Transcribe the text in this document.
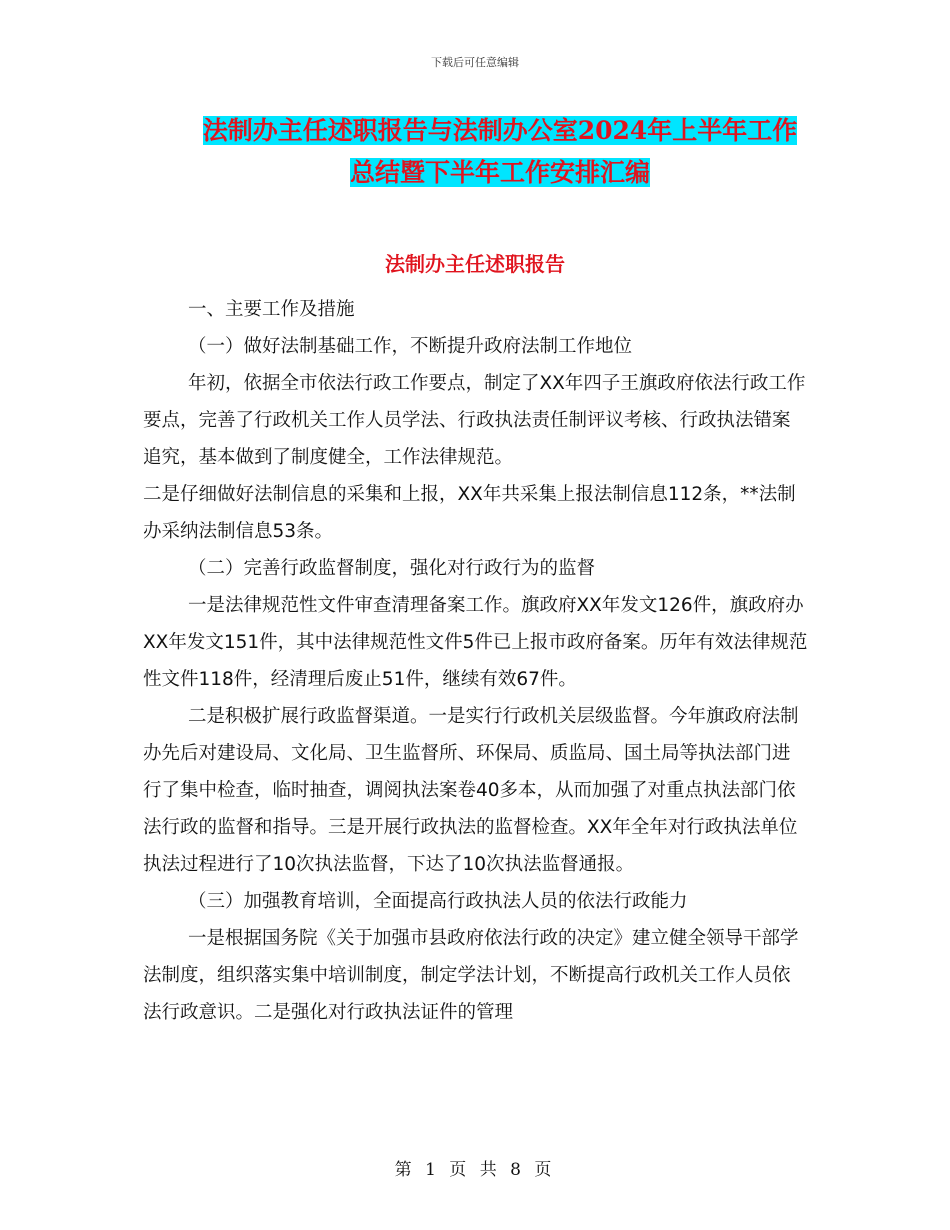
下载后可任意编辑
法制办主任述职报告与法制办公室2024年上半年工作
总结暨下半年工作安排汇编
法制办主任述职报告

一、主要工作及措施

（一）做好法制基础工作，不断提升政府法制工作地位

年初，依据全市依法行政工作要点，制定了XX年四子王旗政府依法行政工作要点，完善了行政机关工作人员学法、行政执法责任制评议考核、行政执法错案追究，基本做到了制度健全，工作法律规范。

二是仔细做好法制信息的采集和上报，XX年共采集上报法制信息112条，**法制办采纳法制信息53条。

（二）完善行政监督制度，强化对行政行为的监督

一是法律规范性文件审查清理备案工作。旗政府XX年发文126件，旗政府办XX年发文151件，其中法律规范性文件5件已上报市政府备案。历年有效法律规范性文件118件，经清理后废止51件，继续有效67件。

二是积极扩展行政监督渠道。一是实行行政机关层级监督。今年旗政府法制办先后对建设局、文化局、卫生监督所、环保局、质监局、国土局等执法部门进行了集中检查，临时抽查，调阅执法案卷40多本，从而加强了对重点执法部门依法行政的监督和指导。三是开展行政执法的监督检查。XX年全年对行政执法单位执法过程进行了10次执法监督，下达了10次执法监督通报。

（三）加强教育培训，全面提高行政执法人员的依法行政能力

一是根据国务院《关于加强市县政府依法行政的决定》建立健全领导干部学法制度，组织落实集中培训制度，制定学法计划，不断提高行政机关工作人员依法行政意识。二是强化对行政执法证件的管理

第 1 页 共 8 页
